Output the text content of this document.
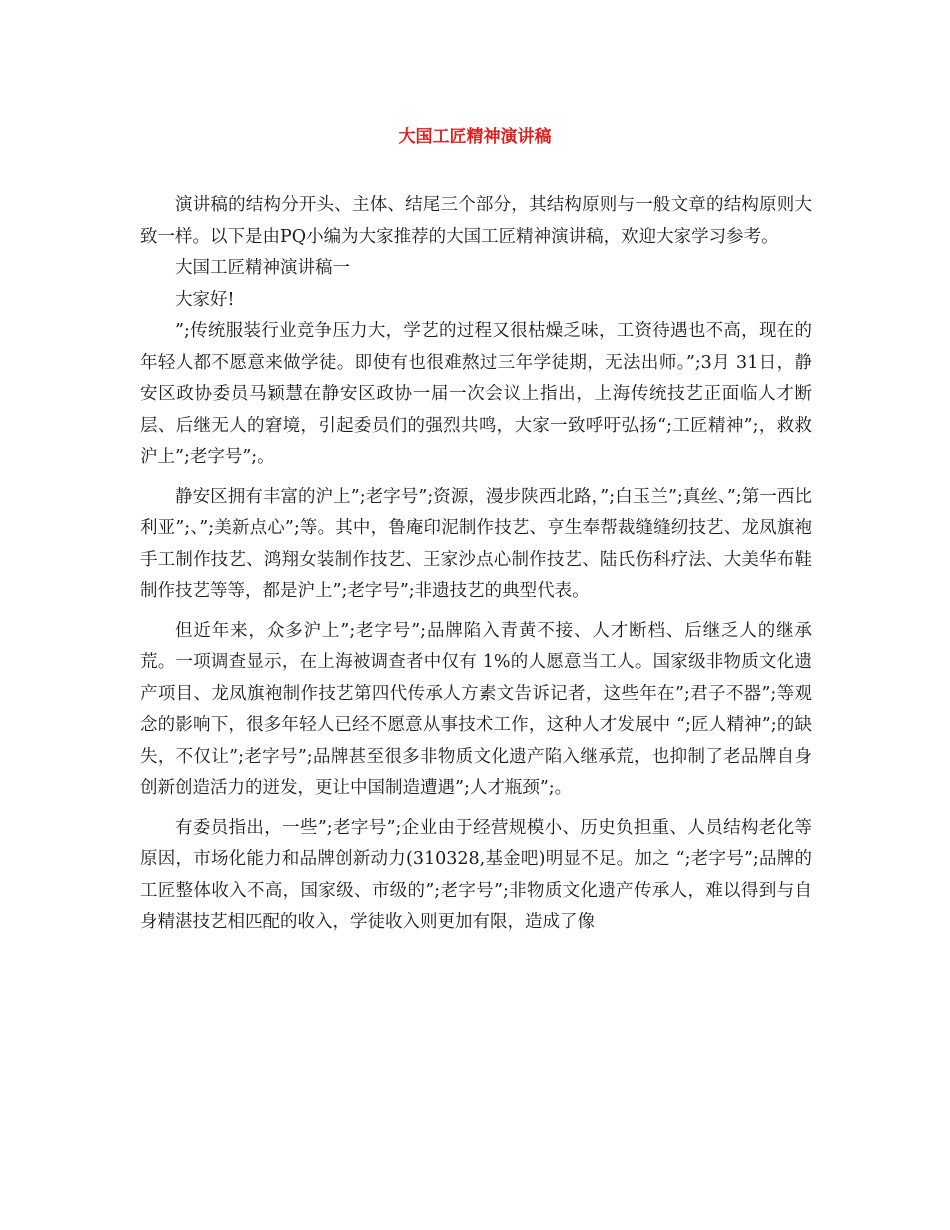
大国工匠精神演讲稿

演讲稿的结构分开头、主体、结尾三个部分，其结构原则与一般文章的结构原则大致一样。以下是由PQ小编为大家推荐的大国工匠精神演讲稿，欢迎大家学习参考。

大国工匠精神演讲稿一

大家好!

”;传统服装行业竞争压力大，学艺的过程又很枯燥乏味，工资待遇也不高，现在的年轻人都不愿意来做学徒。即使有也很难熬过三年学徒期，无法出师。”;3月 31日，静安区政协委员马颖慧在静安区政协一届一次会议上指出，上海传统技艺正面临人才断层、后继无人的窘境，引起委员们的强烈共鸣，大家一致呼吁弘扬“;工匠精神”;，救救沪上”;老字号”;。

静安区拥有丰富的沪上”;老字号”;资源，漫步陕西北路，”;白玉兰”;真丝、”;第一西比利亚”;、”;美新点心”;等。其中，鲁庵印泥制作技艺、亨生奉帮裁缝缝纫技艺、龙凤旗袍手工制作技艺、鸿翔女装制作技艺、王家沙点心制作技艺、陆氏伤科疗法、大美华布鞋制作技艺等等，都是沪上”;老字号”;非遗技艺的典型代表。

但近年来，众多沪上”;老字号”;品牌陷入青黄不接、人才断档、后继乏人的继承荒。一项调查显示，在上海被调查者中仅有 1%的人愿意当工人。国家级非物质文化遗产项目、龙凤旗袍制作技艺第四代传承人方素文告诉记者，这些年在”;君子不器”;等观念的影响下，很多年轻人已经不愿意从事技术工作，这种人才发展中 “;匠人精神”;的缺失，不仅让”;老字号”;品牌甚至很多非物质文化遗产陷入继承荒，也抑制了老品牌自身创新创造活力的迸发，更让中国制造遭遇”;人才瓶颈”;。

有委员指出，一些”;老字号”;企业由于经营规模小、历史负担重、人员结构老化等原因，市场化能力和品牌创新动力(310328,基金吧)明显不足。加之 “;老字号”;品牌的工匠整体收入不高，国家级、市级的”;老字号”;非物质文化遗产传承人，难以得到与自身精湛技艺相匹配的收入，学徒收入则更加有限，造成了像
